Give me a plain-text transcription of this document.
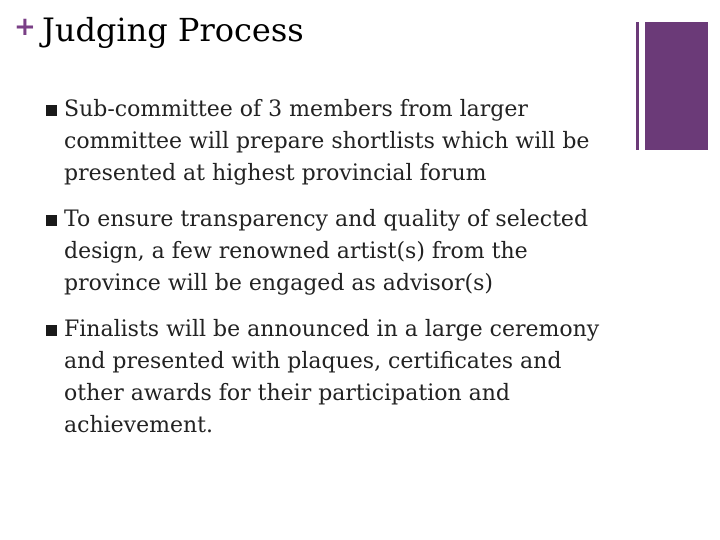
+ Judging Process
Sub-committee of 3 members from larger committee will prepare shortlists which will be presented at highest provincial forum
To ensure transparency and quality of selected design, a few renowned artist(s) from the province will be engaged as advisor(s)
Finalists will be announced in a large ceremony and presented with plaques, certificates and other awards for their participation and achievement.
